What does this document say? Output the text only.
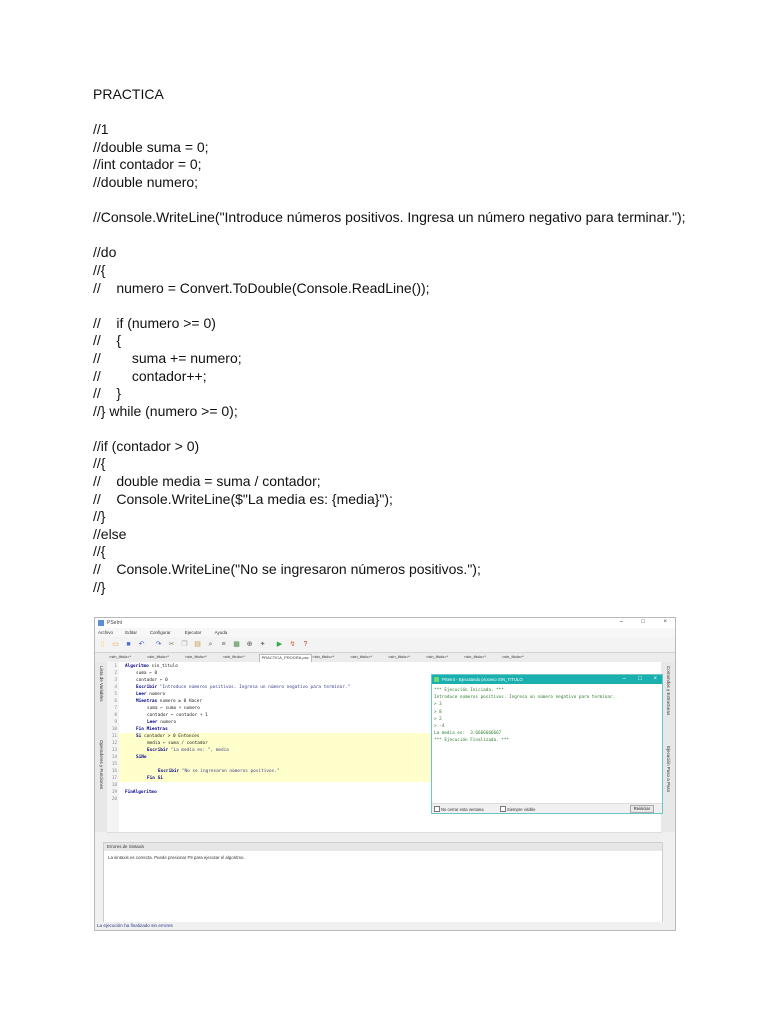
PRACTICA
//1
//double suma = 0;
//int contador = 0;
//double numero;
//Console.WriteLine("Introduce números positivos. Ingresa un número negativo para terminar.");
//do
//{
//    numero = Convert.ToDouble(Console.ReadLine());
//    if (numero >= 0)
//    {
//        suma += numero;
//        contador++;
//    }
//} while (numero >= 0);
//if (contador > 0)
//{
//    double media = suma / contador;
//    Console.WriteLine($"La media es: {media}");
//}
//else
//{
//    Console.WriteLine("No se ingresaron números positivos.");
//}
PSeInt	–	□	×
Archivo	Editar	Configurar	Ejecutar	Ayuda
▯	▭	■	↶ ↷ ✂ ❐ ▤	⌕	≡	▦ ⊕ ✦ ▶ ↯	?
<sin_titulo>*	<sin_titulo>*	<sin_titulo>*	<sin_titulo>*	PRACTICA_PROGRA.psc <sin_titulo>*	<sin_titulo>*	<sin_titulo>*	<sin_titulo>*	<sin_titulo>*	<sin_titulo>*
Lista de Variables
Operadores y Funciones
1 Algoritmo sin_titulo
2	suma ← 0
3	contador ← 0
4	Escribir "Introduce números positivos. Ingresa un número negativo para terminar."
5	Leer numero
6	Mientras numero ≥ 0 Hacer
7	suma ← suma + numero
8	contador ← contador + 1
9	Leer numero
10	Fin Mientras
11	Si contador > 0 Entonces
12	media ← suma / contador
13	Escribir "La media es: ", media
14	SiNo
15
16	Escribir "No se ingresaron números positivos."
17	Fin Si
18
19 FinAlgoritmo
20
Comandos y Estructuras
Ejecución Paso a Paso
PSeInt - Ejecutando proceso SIN_TITULO	– □ ×
No cerrar esta ventana	Siempre visible	Reiniciar
*** Ejecución Iniciada. ***
Introduce números positivos. Ingresa un número negativo para terminar.
> 3
> 8
> 2
> -4
La media es:  3.6666666667
*** Ejecución Finalizada. ***
Errores de Sintaxis
La sintaxis es correcta. Puede presionar F9 para ejecutar el algoritmo.
La ejecución ha finalizado sin errores
